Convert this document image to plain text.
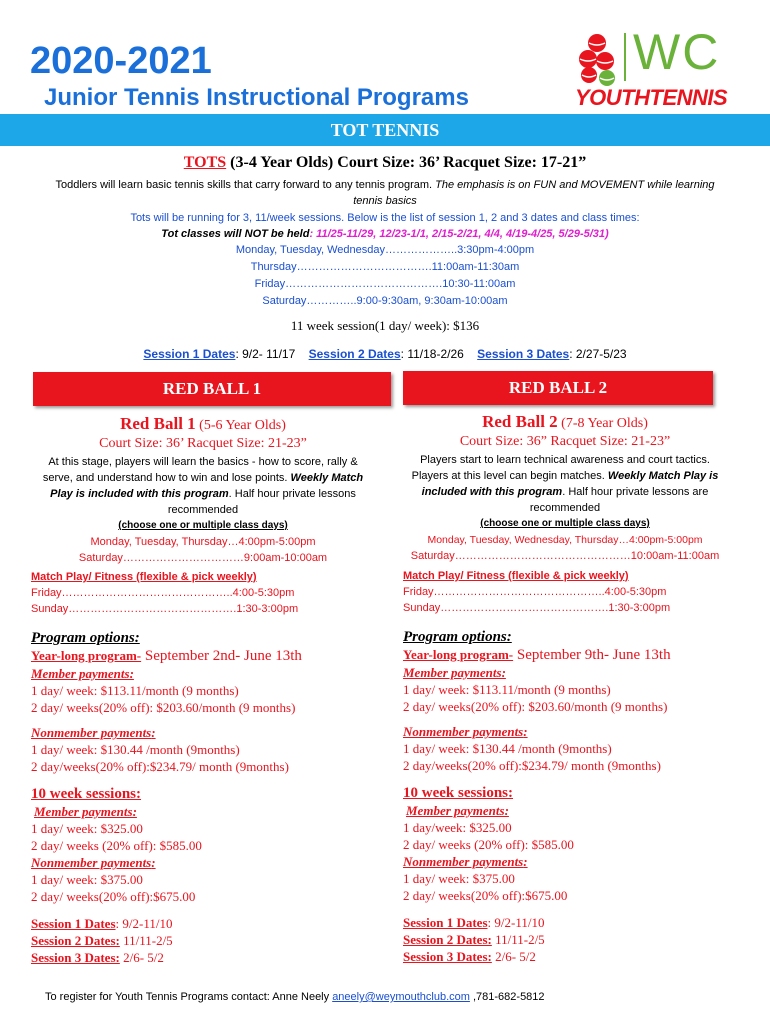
2020-2021
Junior Tennis Instructional Programs
WC
YOUTHTENNIS
TOT TENNIS
TOTS (3-4 Year Olds) Court Size: 36’ Racquet Size: 17-21”
Toddlers will learn basic tennis skills that carry forward to any tennis program. The emphasis is on FUN and MOVEMENT while learning tennis basics
Tots will be running for 3, 11/week sessions. Below is the list of session 1, 2 and 3 dates and class times:
Tot classes will NOT be held: 11/25-11/29, 12/23-1/1, 2/15-2/21, 4/4, 4/19-4/25, 5/29-5/31)
Monday, Tuesday, Wednesday………………..3:30pm-4:00pm
Thursday……………………………….11:00am-11:30am
Friday…………………………………….10:30-11:00am
Saturday…………..9:00-9:30am, 9:30am-10:00am
11 week session(1 day/ week): $136
Session 1 Dates: 9/2- 11/17 Session 2 Dates: 11/18-2/26 Session 3 Dates: 2/27-5/23
RED BALL 1	RED BALL 2
Red Ball 1 (5-6 Year Olds)
Court Size: 36’ Racquet Size: 21-23”
At this stage, players will learn the basics - how to score, rally & serve, and understand how to win and lose points. Weekly Match Play is included with this program. Half hour private lessons recommended
(choose one or multiple class days)
Monday, Tuesday, Thursday…4:00pm-5:00pm
Saturday……………………………9:00am-10:00am
Match Play/ Fitness (flexible & pick weekly)
Friday………………………………………..4:00-5:30pm
Sunday……………………………………….1:30-3:00pm
Program options:
Year-long program- September 2nd- June 13th
Member payments:
1 day/ week: $113.11/month (9 months)
2 day/ weeks(20% off): $203.60/month (9 months)
Nonmember payments:
1 day/ week: $130.44 /month (9months)
2 day/weeks(20% off):$234.79/ month (9months)
10 week sessions:
Member payments:
1 day/ week: $325.00
2 day/ weeks (20% off): $585.00
Nonmember payments:
1 day/ week: $375.00
2 day/ weeks(20% off):$675.00
Session 1 Dates: 9/2-11/10
Session 2 Dates: 11/11-2/5
Session 3 Dates: 2/6- 5/2
Red Ball 2 (7-8 Year Olds)
Court Size: 36” Racquet Size: 21-23”
Players start to learn technical awareness and court tactics. Players at this level can begin matches. Weekly Match Play is included with this program. Half hour private lessons are recommended
(choose one or multiple class days)
Monday, Tuesday, Wednesday, Thursday…4:00pm-5:00pm
Saturday…………………………………………10:00am-11:00am
Match Play/ Fitness (flexible & pick weekly)
Friday………………………………………..4:00-5:30pm
Sunday……………………………………….1:30-3:00pm
Program options:
Year-long program- September 9th- June 13th
Member payments:
1 day/ week: $113.11/month (9 months)
2 day/ weeks(20% off): $203.60/month (9 months)
Nonmember payments:
1 day/ week: $130.44 /month (9months)
2 day/weeks(20% off):$234.79/ month (9months)
10 week sessions:
Member payments:
1 day/week: $325.00
2 day/ weeks (20% off): $585.00
Nonmember payments:
1 day/ week: $375.00
2 day/ weeks(20% off):$675.00
Session 1 Dates: 9/2-11/10
Session 2 Dates: 11/11-2/5
Session 3 Dates: 2/6- 5/2
To register for Youth Tennis Programs contact: Anne Neely aneely@weymouthclub.com ,781-682-5812
